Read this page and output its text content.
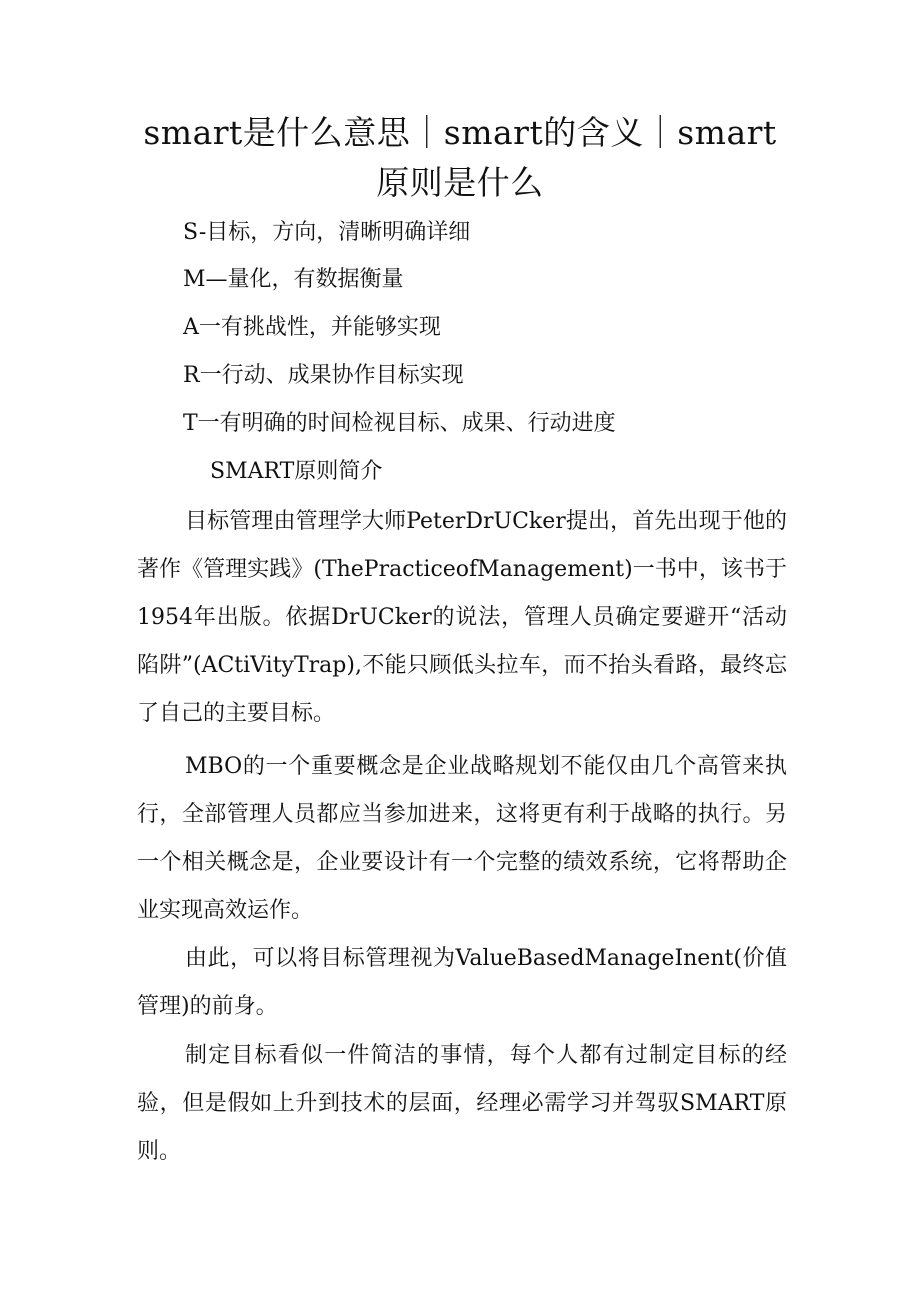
smart是什么意思｜smart的含义｜smart原则是什么

S-目标，方向，清晰明确详细

M—量化，有数据衡量

A一有挑战性，并能够实现

R一行动、成果协作目标实现

T一有明确的时间检视目标、成果、行动进度

SMART原则简介

目标管理由管理学大师PeterDrUCker提出，首先出现于他的著作《管理实践》(ThePracticeofManagement)一书中，该书于1954年出版。依据DrUCker的说法，管理人员确定要避开“活动陷阱”(ACtiVityTrap),不能只顾低头拉车，而不抬头看路，最终忘了自己的主要目标。

MBO的一个重要概念是企业战略规划不能仅由几个高管来执行，全部管理人员都应当参加进来，这将更有利于战略的执行。另一个相关概念是，企业要设计有一个完整的绩效系统，它将帮助企业实现高效运作。

由此，可以将目标管理视为ValueBasedManageInent(价值管理)的前身。

制定目标看似一件简洁的事情，每个人都有过制定目标的经验，但是假如上升到技术的层面，经理必需学习并驾驭SMART原则。
